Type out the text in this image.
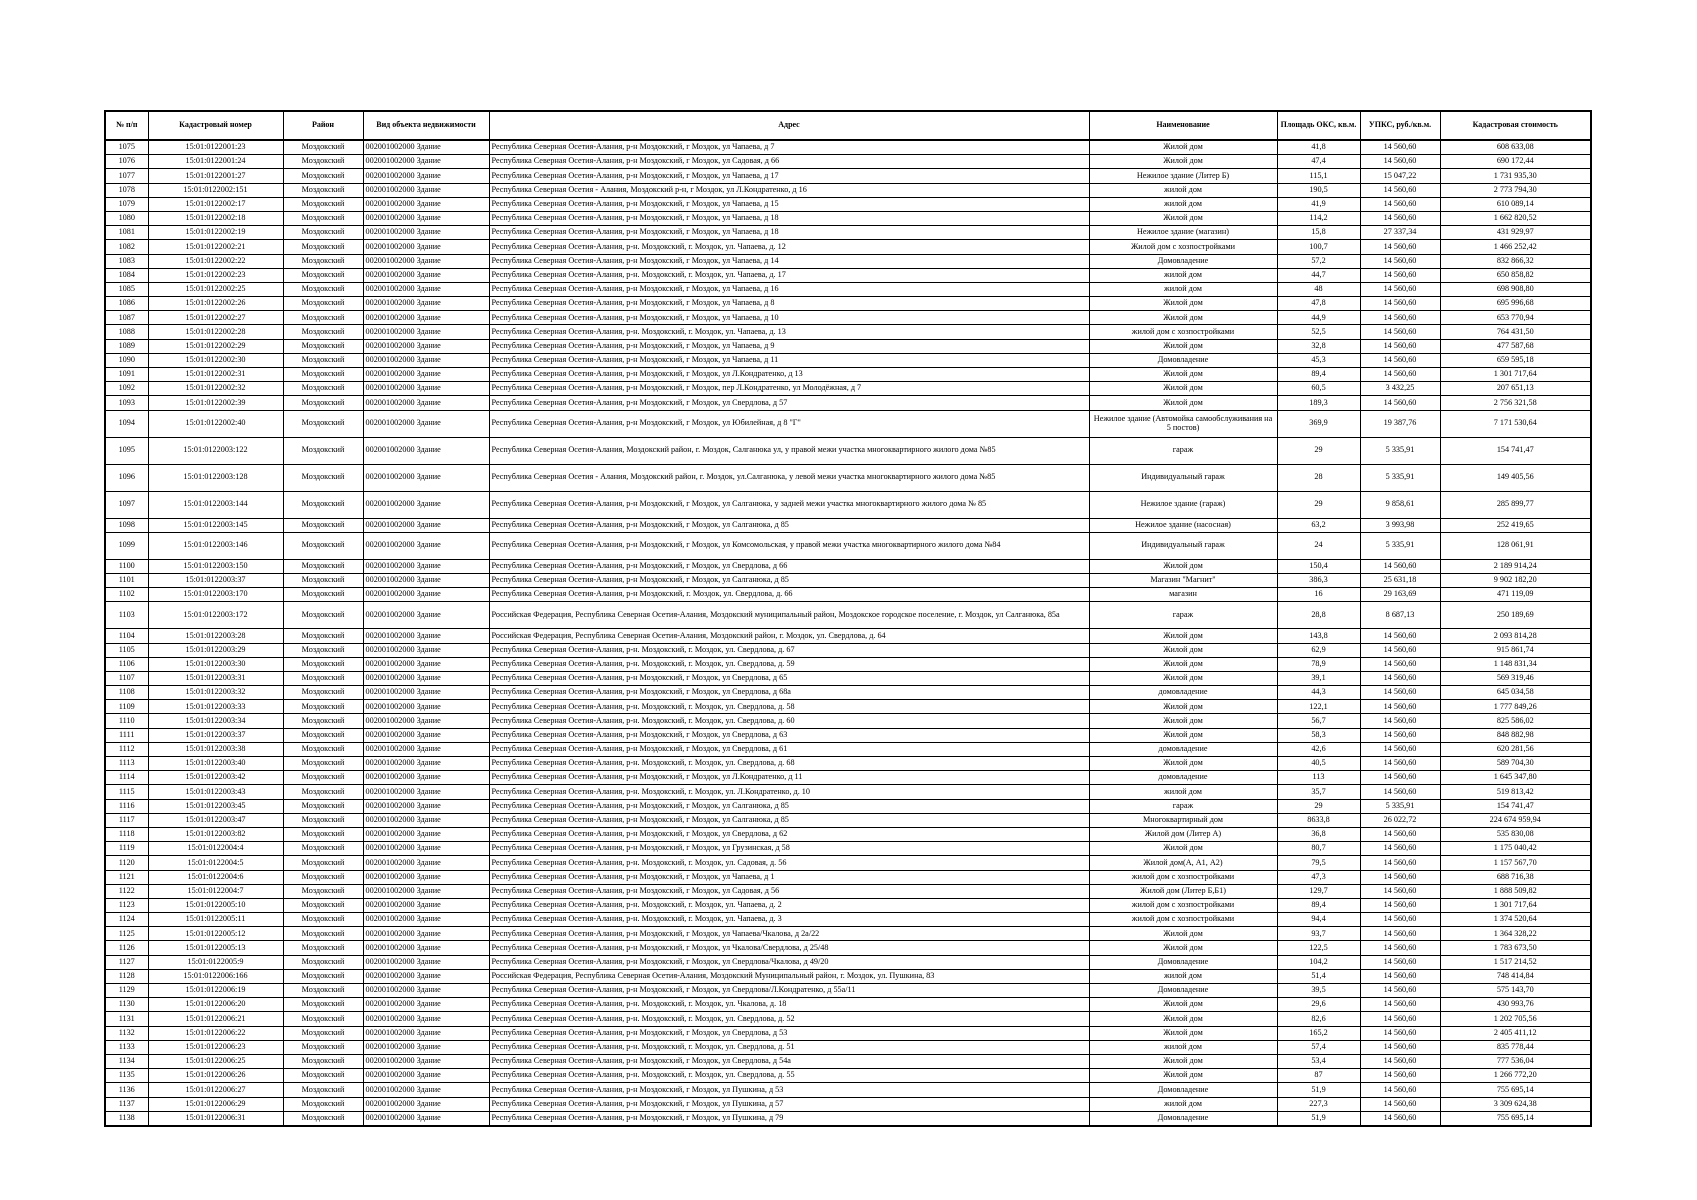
№ п/п	Кадастровый номер	Район	Вид объекта недвижимости	Адрес	Наименование	Площадь ОКС, кв.м.	УПКС, руб./кв.м.	Кадастровая стоимость
1075	15:01:0122001:23	Моздокский	002001002000 Здание	Республика Северная Осетия-Алания, р-н Моздокский, г Моздок, ул Чапаева, д 7	Жилой дом	41,8	14 560,60	608 633,08
1076	15:01:0122001:24	Моздокский	002001002000 Здание	Республика Северная Осетия-Алания, р-н Моздокский, г Моздок, ул Садовая, д 66	Жилой дом	47,4	14 560,60	690 172,44
1077	15:01:0122001:27	Моздокский	002001002000 Здание	Республика Северная Осетия-Алания, р-н Моздокский, г Моздок, ул Чапаева, д 17	Нежилое здание (Литер Б)	115,1	15 047,22	1 731 935,30
1078	15:01:0122002:151	Моздокский	002001002000 Здание	Республика Северная Осетия - Алания, Моздокский р-н, г Моздок, ул Л.Кондратенко, д 16	жилой дом	190,5	14 560,60	2 773 794,30
1079	15:01:0122002:17	Моздокский	002001002000 Здание	Республика Северная Осетия-Алания, р-н Моздокский, г Моздок, ул Чапаева, д 15	жилой дом	41,9	14 560,60	610 089,14
1080	15:01:0122002:18	Моздокский	002001002000 Здание	Республика Северная Осетия-Алания, р-н Моздокский, г Моздок, ул Чапаева, д 18	Жилой дом	114,2	14 560,60	1 662 820,52
1081	15:01:0122002:19	Моздокский	002001002000 Здание	Республика Северная Осетия-Алания, р-н Моздокский, г Моздок, ул Чапаева, д 18	Нежилое здание (магазин)	15,8	27 337,34	431 929,97
1082	15:01:0122002:21	Моздокский	002001002000 Здание	Республика Северная Осетия-Алания, р-н. Моздокский, г. Моздок, ул. Чапаева, д. 12	Жилой дом с хозпостройками	100,7	14 560,60	1 466 252,42
1083	15:01:0122002:22	Моздокский	002001002000 Здание	Республика Северная Осетия-Алания, р-н Моздокский, г Моздок, ул Чапаева, д 14	Домовладение	57,2	14 560,60	832 866,32
1084	15:01:0122002:23	Моздокский	002001002000 Здание	Республика Северная Осетия-Алания, р-н. Моздокский, г. Моздок, ул. Чапаева, д. 17	жилой дом	44,7	14 560,60	650 858,82
1085	15:01:0122002:25	Моздокский	002001002000 Здание	Республика Северная Осетия-Алания, р-н Моздокский, г Моздок, ул Чапаева, д 16	жилой дом	48	14 560,60	698 908,80
1086	15:01:0122002:26	Моздокский	002001002000 Здание	Республика Северная Осетия-Алания, р-н Моздокский, г Моздок, ул Чапаева, д 8	Жилой дом	47,8	14 560,60	695 996,68
1087	15:01:0122002:27	Моздокский	002001002000 Здание	Республика Северная Осетия-Алания, р-н Моздокский, г Моздок, ул Чапаева, д 10	Жилой дом	44,9	14 560,60	653 770,94
1088	15:01:0122002:28	Моздокский	002001002000 Здание	Республика Северная Осетия-Алания, р-н. Моздокский, г. Моздок, ул. Чапаева, д. 13	жилой дом с хозпостройками	52,5	14 560,60	764 431,50
1089	15:01:0122002:29	Моздокский	002001002000 Здание	Республика Северная Осетия-Алания, р-н Моздокский, г Моздок, ул Чапаева, д 9	Жилой дом	32,8	14 560,60	477 587,68
1090	15:01:0122002:30	Моздокский	002001002000 Здание	Республика Северная Осетия-Алания, р-н Моздокский, г Моздок, ул Чапаева, д 11	Домовладение	45,3	14 560,60	659 595,18
1091	15:01:0122002:31	Моздокский	002001002000 Здание	Республика Северная Осетия-Алания, р-н Моздокский, г Моздок, ул Л.Кондратенко, д 13	Жилой дом	89,4	14 560,60	1 301 717,64
1092	15:01:0122002:32	Моздокский	002001002000 Здание	Республика Северная Осетия-Алания, р-н Моздокский, г Моздок, пер Л.Кондратенко, ул Молодёжная, д 7	Жилой дом	60,5	3 432,25	207 651,13
1093	15:01:0122002:39	Моздокский	002001002000 Здание	Республика Северная Осетия-Алания, р-н Моздокский, г Моздок, ул Свердлова, д 57	Жилой дом	189,3	14 560,60	2 756 321,58
1094	15:01:0122002:40	Моздокский	002001002000 Здание	Республика Северная Осетия-Алания, р-н Моздокский, г Моздок, ул Юбилейная, д 8 "Г"	Нежилое здание (Автомойка самообслуживания на 5 постов)	369,9	19 387,76	7 171 530,64
1095	15:01:0122003:122	Моздокский	002001002000 Здание	Республика Северная Осетия-Алания, Моздокский район, г. Моздок, Салганюка ул, у правой межи участка многоквартирного жилого дома №85	гараж	29	5 335,91	154 741,47
1096	15:01:0122003:128	Моздокский	002001002000 Здание	Республика Северная Осетия - Алания, Моздокский район, г. Моздок, ул.Салганюка, у левой межи участка многоквартирного жилого дома №85	Индивидуальный гараж	28	5 335,91	149 405,56
1097	15:01:0122003:144	Моздокский	002001002000 Здание	Республика Северная Осетия-Алания, р-н Моздокский, г Моздок, ул Салганюка, у задней межи участка многоквартирного жилого дома № 85	Нежилое здание (гараж)	29	9 858,61	285 899,77
1098	15:01:0122003:145	Моздокский	002001002000 Здание	Республика Северная Осетия-Алания, р-н Моздокский, г Моздок, ул Салганюка, д 85	Нежилое здание (насосная)	63,2	3 993,98	252 419,65
1099	15:01:0122003:146	Моздокский	002001002000 Здание	Республика Северная Осетия-Алания, р-н Моздокский, г Моздок, ул Комсомольская, у правой межи участка многоквартирного жилого дома №84	Индивидуальный гараж	24	5 335,91	128 061,91
1100	15:01:0122003:150	Моздокский	002001002000 Здание	Республика Северная Осетия-Алания, р-н Моздокский, г Моздок, ул Свердлова, д 66	Жилой дом	150,4	14 560,60	2 189 914,24
1101	15:01:0122003:37	Моздокский	002001002000 Здание	Республика Северная Осетия-Алания, р-н Моздокский, г Моздок, ул Салганюка, д 85	Магазин "Магнит"	386,3	25 631,18	9 902 182,20
1102	15:01:0122003:170	Моздокский	002001002000 Здание	Республика Северная Осетия-Алания, р-н Моздокский, г. Моздок, ул. Свердлова, д. 66	магазин	16	29 163,69	471 119,09
1103	15:01:0122003:172	Моздокский	002001002000 Здание	Российская Федерация, Республика Северная Осетия-Алания, Моздокский муниципальный район, Моздокское городское поселение, г. Моздок, ул Салганюка, 85а	гараж	28,8	8 687,13	250 189,69
1104	15:01:0122003:28	Моздокский	002001002000 Здание	Российская Федерация, Республика Северная Осетия-Алания, Моздокский район, г. Моздок, ул. Свердлова, д. 64	Жилой дом	143,8	14 560,60	2 093 814,28
1105	15:01:0122003:29	Моздокский	002001002000 Здание	Республика Северная Осетия-Алания, р-н. Моздокский, г. Моздок, ул. Свердлова, д. 67	Жилой дом	62,9	14 560,60	915 861,74
1106	15:01:0122003:30	Моздокский	002001002000 Здание	Республика Северная Осетия-Алания, р-н. Моздокский, г. Моздок, ул. Свердлова, д. 59	Жилой дом	78,9	14 560,60	1 148 831,34
1107	15:01:0122003:31	Моздокский	002001002000 Здание	Республика Северная Осетия-Алания, р-н Моздокский, г Моздок, ул Свердлова, д 65	Жилой дом	39,1	14 560,60	569 319,46
1108	15:01:0122003:32	Моздокский	002001002000 Здание	Республика Северная Осетия-Алания, р-н Моздокский, г Моздок, ул Свердлова, д 68а	домовладение	44,3	14 560,60	645 034,58
1109	15:01:0122003:33	Моздокский	002001002000 Здание	Республика Северная Осетия-Алания, р-н. Моздокский, г. Моздок, ул. Свердлова, д. 58	Жилой дом	122,1	14 560,60	1 777 849,26
1110	15:01:0122003:34	Моздокский	002001002000 Здание	Республика Северная Осетия-Алания, р-н. Моздокский, г. Моздок, ул. Свердлова, д. 60	Жилой дом	56,7	14 560,60	825 586,02
1111	15:01:0122003:37	Моздокский	002001002000 Здание	Республика Северная Осетия-Алания, р-н Моздокский, г Моздок, ул Свердлова, д 63	Жилой дом	58,3	14 560,60	848 882,98
1112	15:01:0122003:38	Моздокский	002001002000 Здание	Республика Северная Осетия-Алания, р-н Моздокский, г Моздок, ул Свердлова, д 61	домовладение	42,6	14 560,60	620 281,56
1113	15:01:0122003:40	Моздокский	002001002000 Здание	Республика Северная Осетия-Алания, р-н. Моздокский, г. Моздок, ул. Свердлова, д. 68	Жилой дом	40,5	14 560,60	589 704,30
1114	15:01:0122003:42	Моздокский	002001002000 Здание	Республика Северная Осетия-Алания, р-н Моздокский, г Моздок, ул Л.Кондратенко, д 11	домовладение	113	14 560,60	1 645 347,80
1115	15:01:0122003:43	Моздокский	002001002000 Здание	Республика Северная Осетия-Алания, р-н. Моздокский, г. Моздок, ул. Л.Кондратенко, д. 10	жилой дом	35,7	14 560,60	519 813,42
1116	15:01:0122003:45	Моздокский	002001002000 Здание	Республика Северная Осетия-Алания, р-н Моздокский, г Моздок, ул Салганюка, д 85	гараж	29	5 335,91	154 741,47
1117	15:01:0122003:47	Моздокский	002001002000 Здание	Республика Северная Осетия-Алания, р-н Моздокский, г Моздок, ул Салганюка, д 85	Многоквартирный дом	8633,8	26 022,72	224 674 959,94
1118	15:01:0122003:82	Моздокский	002001002000 Здание	Республика Северная Осетия-Алания, р-н Моздокский, г Моздок, ул Свердлова, д 62	Жилой дом (Литер А)	36,8	14 560,60	535 830,08
1119	15:01:0122004:4	Моздокский	002001002000 Здание	Республика Северная Осетия-Алания, р-н Моздокский, г Моздок, ул Грузинская, д 58	Жилой дом	80,7	14 560,60	1 175 040,42
1120	15:01:0122004:5	Моздокский	002001002000 Здание	Республика Северная Осетия-Алания, р-н. Моздокский, г. Моздок, ул. Садовая, д. 56	Жилой дом(А, А1, А2)	79,5	14 560,60	1 157 567,70
1121	15:01:0122004:6	Моздокский	002001002000 Здание	Республика Северная Осетия-Алания, р-н Моздокский, г Моздок, ул Чапаева, д 1	жилой дом с хозпостройками	47,3	14 560,60	688 716,38
1122	15:01:0122004:7	Моздокский	002001002000 Здание	Республика Северная Осетия-Алания, р-н Моздокский, г Моздок, ул Садовая, д 56	Жилой дом (Литер Б,Б1)	129,7	14 560,60	1 888 509,82
1123	15:01:0122005:10	Моздокский	002001002000 Здание	Республика Северная Осетия-Алания, р-н. Моздокский, г. Моздок, ул. Чапаева, д. 2	жилой дом с хозпостройками	89,4	14 560,60	1 301 717,64
1124	15:01:0122005:11	Моздокский	002001002000 Здание	Республика Северная Осетия-Алания, р-н. Моздокский, г. Моздок, ул. Чапаева, д. 3	жилой дом с хозпостройками	94,4	14 560,60	1 374 520,64
1125	15:01:0122005:12	Моздокский	002001002000 Здание	Республика Северная Осетия-Алания, р-н Моздокский, г Моздок, ул Чапаева/Чкалова, д 2а/22	Жилой дом	93,7	14 560,60	1 364 328,22
1126	15:01:0122005:13	Моздокский	002001002000 Здание	Республика Северная Осетия-Алания, р-н Моздокский, г Моздок, ул Чкалова/Свердлова, д 25/48	Жилой дом	122,5	14 560,60	1 783 673,50
1127	15:01:0122005:9	Моздокский	002001002000 Здание	Республика Северная Осетия-Алания, р-н Моздокский, г Моздок, ул Свердлова/Чкалова, д 49/20	Домовладение	104,2	14 560,60	1 517 214,52
1128	15:01:0122006:166	Моздокский	002001002000 Здание	Российская Федерация, Республика Северная Осетия-Алания, Моздокский Муниципальный район, г. Моздок, ул. Пушкина, 83	жилой дом	51,4	14 560,60	748 414,84
1129	15:01:0122006:19	Моздокский	002001002000 Здание	Республика Северная Осетия-Алания, р-н Моздокский, г Моздок, ул Свердлова/Л.Кондратенко, д 55а/11	Домовладение	39,5	14 560,60	575 143,70
1130	15:01:0122006:20	Моздокский	002001002000 Здание	Республика Северная Осетия-Алания, р-н. Моздокский, г. Моздок, ул. Чкалова, д. 18	Жилой дом	29,6	14 560,60	430 993,76
1131	15:01:0122006:21	Моздокский	002001002000 Здание	Республика Северная Осетия-Алания, р-н. Моздокский, г. Моздок, ул. Свердлова, д. 52	Жилой дом	82,6	14 560,60	1 202 705,56
1132	15:01:0122006:22	Моздокский	002001002000 Здание	Республика Северная Осетия-Алания, р-н Моздокский, г Моздок, ул Свердлова, д 53	Жилой дом	165,2	14 560,60	2 405 411,12
1133	15:01:0122006:23	Моздокский	002001002000 Здание	Республика Северная Осетия-Алания, р-н. Моздокский, г. Моздок, ул. Свердлова, д. 51	жилой дом	57,4	14 560,60	835 778,44
1134	15:01:0122006:25	Моздокский	002001002000 Здание	Республика Северная Осетия-Алания, р-н Моздокский, г Моздок, ул Свердлова, д 54а	Жилой дом	53,4	14 560,60	777 536,04
1135	15:01:0122006:26	Моздокский	002001002000 Здание	Республика Северная Осетия-Алания, р-н. Моздокский, г. Моздок, ул. Свердлова, д. 55	Жилой дом	87	14 560,60	1 266 772,20
1136	15:01:0122006:27	Моздокский	002001002000 Здание	Республика Северная Осетия-Алания, р-н Моздокский, г Моздок, ул Пушкина, д 53	Домовладение	51,9	14 560,60	755 695,14
1137	15:01:0122006:29	Моздокский	002001002000 Здание	Республика Северная Осетия-Алания, р-н Моздокский, г Моздок, ул Пушкина, д 57	жилой дом	227,3	14 560,60	3 309 624,38
1138	15:01:0122006:31	Моздокский	002001002000 Здание	Республика Северная Осетия-Алания, р-н Моздокский, г Моздок, ул Пушкина, д 79	Домовладение	51,9	14 560,60	755 695,14
